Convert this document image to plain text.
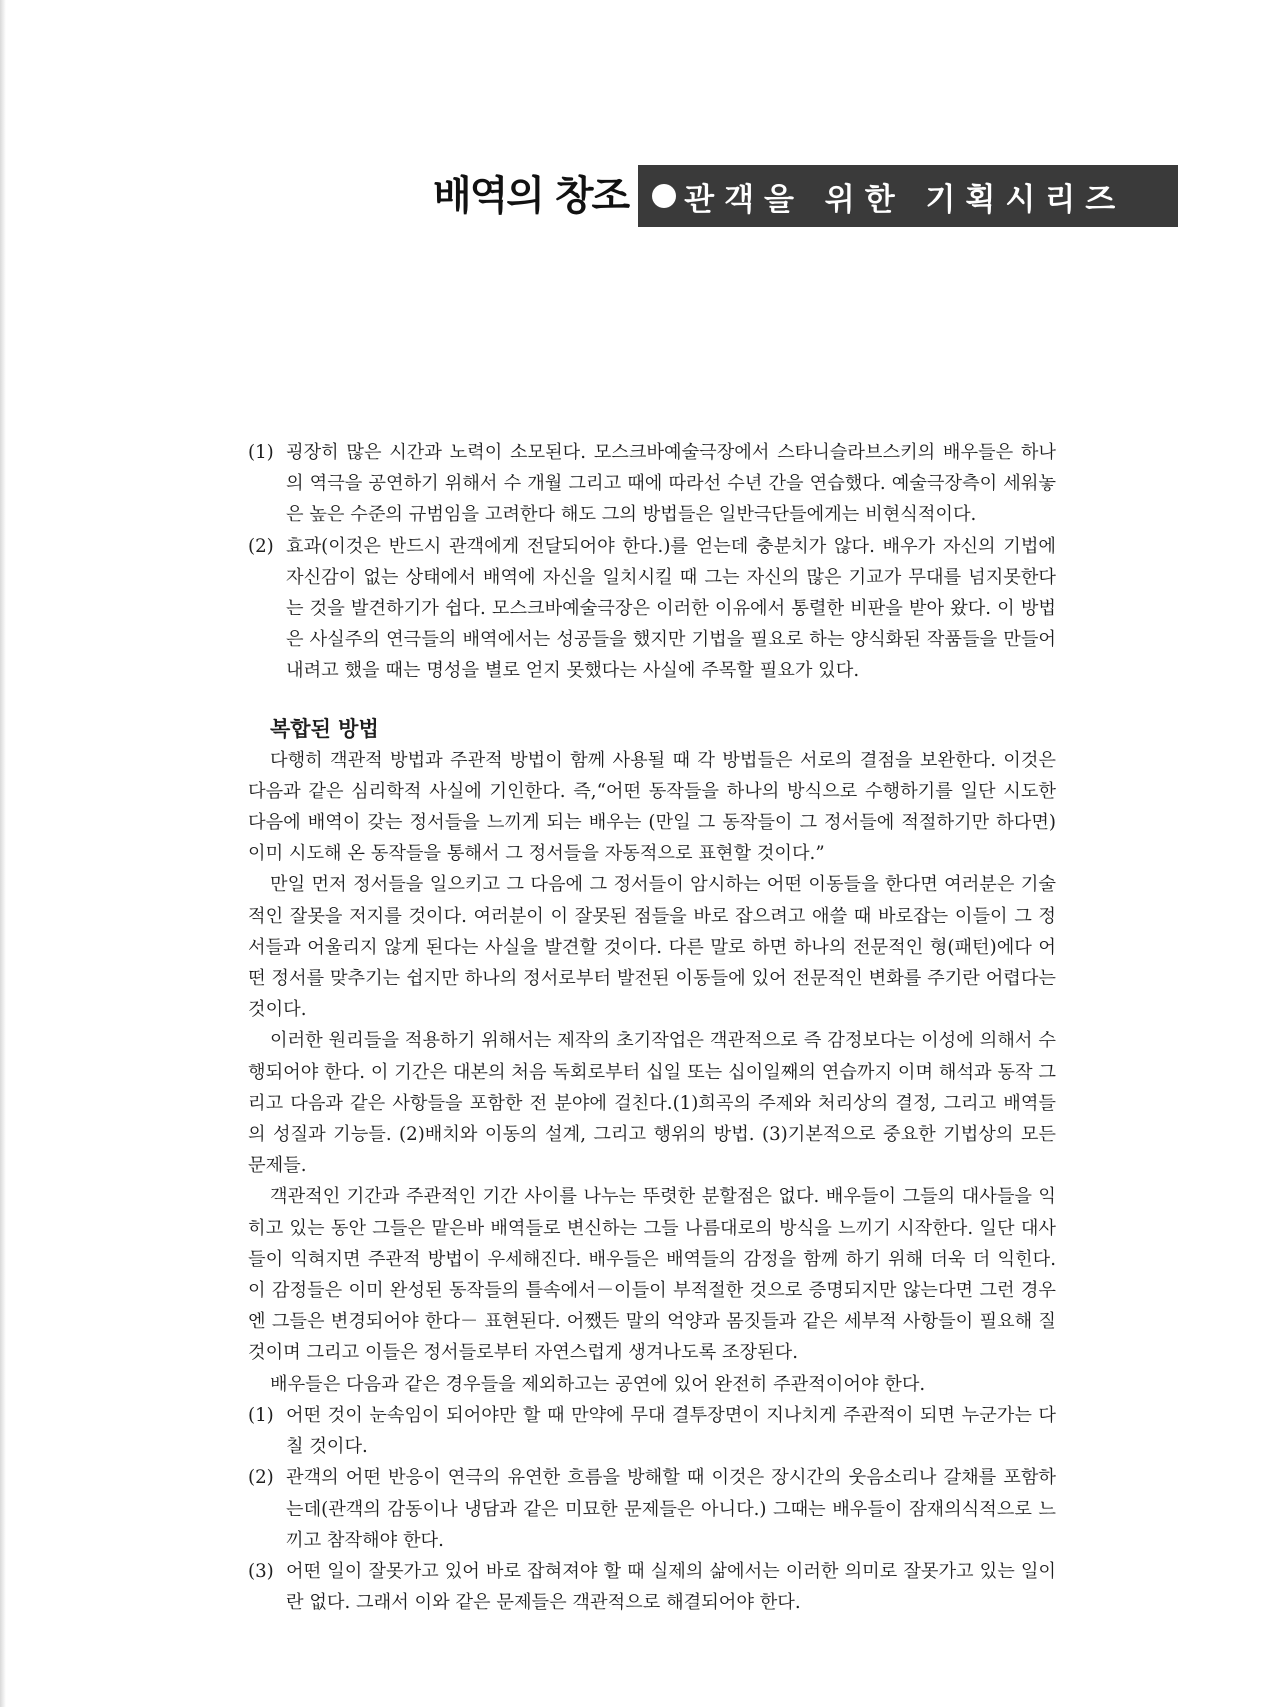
배역의 창조 관객을 위한 기획시리즈
(1) 굉장히 많은 시간과 노력이 소모된다. 모스크바예술극장에서 스타니슬라브스키의 배우들은 하나의 역극을 공연하기 위해서 수 개월 그리고 때에 따라선 수년 간을 연습했다. 예술극장측이 세워놓은 높은 수준의 규범임을 고려한다 해도 그의 방법들은 일반극단들에게는 비현식적이다.
(2) 효과(이것은 반드시 관객에게 전달되어야 한다.)를 얻는데 충분치가 않다. 배우가 자신의 기법에 자신감이 없는 상태에서 배역에 자신을 일치시킬 때 그는 자신의 많은 기교가 무대를 넘지못한다는 것을 발견하기가 쉽다. 모스크바예술극장은 이러한 이유에서 통렬한 비판을 받아 왔다. 이 방법은 사실주의 연극들의 배역에서는 성공들을 했지만 기법을 필요로 하는 양식화된 작품들을 만들어 내려고 했을 때는 명성을 별로 얻지 못했다는 사실에 주목할 필요가 있다.
복합된 방법

다행히 객관적 방법과 주관적 방법이 함께 사용될 때 각 방법들은 서로의 결점을 보완한다. 이것은 다음과 같은 심리학적 사실에 기인한다. 즉,“어떤 동작들을 하나의 방식으로 수행하기를 일단 시도한 다음에 배역이 갖는 정서들을 느끼게 되는 배우는 (만일 그 동작들이 그 정서들에 적절하기만 하다면)이미 시도해 온 동작들을 통해서 그 정서들을 자동적으로 표현할 것이다.”

만일 먼저 정서들을 일으키고 그 다음에 그 정서들이 암시하는 어떤 이동들을 한다면 여러분은 기술적인 잘못을 저지를 것이다. 여러분이 이 잘못된 점들을 바로 잡으려고 애쓸 때 바로잡는 이들이 그 정서들과 어울리지 않게 된다는 사실을 발견할 것이다. 다른 말로 하면 하나의 전문적인 형(패턴)에다 어떤 정서를 맞추기는 쉽지만 하나의 정서로부터 발전된 이동들에 있어 전문적인 변화를 주기란 어렵다는 것이다.

이러한 원리들을 적용하기 위해서는 제작의 초기작업은 객관적으로 즉 감정보다는 이성에 의해서 수행되어야 한다. 이 기간은 대본의 처음 독회로부터 십일 또는 십이일째의 연습까지 이며 해석과 동작 그리고 다음과 같은 사항들을 포함한 전 분야에 걸친다.(1)희곡의 주제와 처리상의 결정, 그리고 배역들의 성질과 기능들. (2)배치와 이동의 설계, 그리고 행위의 방법. (3)기본적으로 중요한 기법상의 모든 문제들.

객관적인 기간과 주관적인 기간 사이를 나누는 뚜렷한 분할점은 없다. 배우들이 그들의 대사들을 익히고 있는 동안 그들은 맡은바 배역들로 변신하는 그들 나름대로의 방식을 느끼기 시작한다. 일단 대사들이 익혀지면 주관적 방법이 우세해진다. 배우들은 배역들의 감정을 함께 하기 위해 더욱 더 익힌다. 이 감정들은 이미 완성된 동작들의 틀속에서－이들이 부적절한 것으로 증명되지만 않는다면 그런 경우엔 그들은 변경되어야 한다－ 표현된다. 어쨌든 말의 억양과 몸짓들과 같은 세부적 사항들이 필요해 질 것이며 그리고 이들은 정서들로부터 자연스럽게 생겨나도록 조장된다.

배우들은 다음과 같은 경우들을 제외하고는 공연에 있어 완전히 주관적이어야 한다.

(1) 어떤 것이 눈속임이 되어야만 할 때 만약에 무대 결투장면이 지나치게 주관적이 되면 누군가는 다칠 것이다.
(2) 관객의 어떤 반응이 연극의 유연한 흐름을 방해할 때 이것은 장시간의 웃음소리나 갈채를 포함하는데(관객의 감동이나 냉담과 같은 미묘한 문제들은 아니다.) 그때는 배우들이 잠재의식적으로 느끼고 참작해야 한다.
(3) 어떤 일이 잘못가고 있어 바로 잡혀져야 할 때 실제의 삶에서는 이러한 의미로 잘못가고 있는 일이란 없다. 그래서 이와 같은 문제들은 객관적으로 해결되어야 한다.
